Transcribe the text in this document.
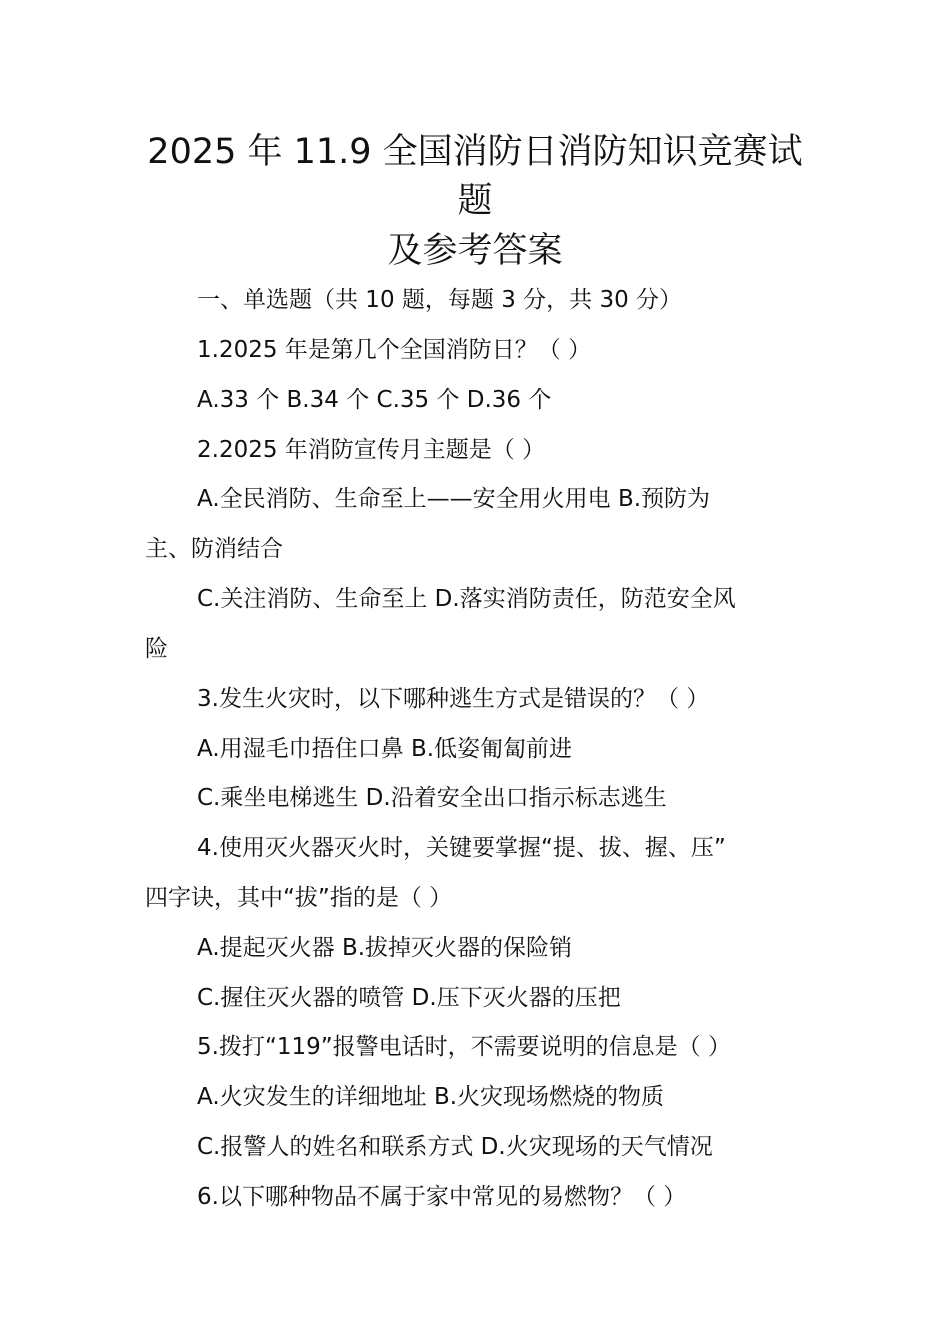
2025 年 11.9 全国消防日消防知识竞赛试
题
及参考答案
一、单选题（共 10 题，每题 3 分，共 30 分）
1.2025 年是第几个全国消防日？（ ）
A.33 个 B.34 个 C.35 个 D.36 个
2.2025 年消防宣传月主题是（ ）
A.全民消防、生命至上——安全用火用电 B.预防为
主、防消结合
C.关注消防、生命至上 D.落实消防责任，防范安全风
险
3.发生火灾时，以下哪种逃生方式是错误的？（ ）
A.用湿毛巾捂住口鼻 B.低姿匍匐前进
C.乘坐电梯逃生 D.沿着安全出口指示标志逃生
4.使用灭火器灭火时，关键要掌握“提、拔、握、压”
四字诀，其中“拔”指的是（ ）
A.提起灭火器 B.拔掉灭火器的保险销
C.握住灭火器的喷管 D.压下灭火器的压把
5.拨打“119”报警电话时，不需要说明的信息是（ ）
A.火灾发生的详细地址 B.火灾现场燃烧的物质
C.报警人的姓名和联系方式 D.火灾现场的天气情况
6.以下哪种物品不属于家中常见的易燃物？（ ）
